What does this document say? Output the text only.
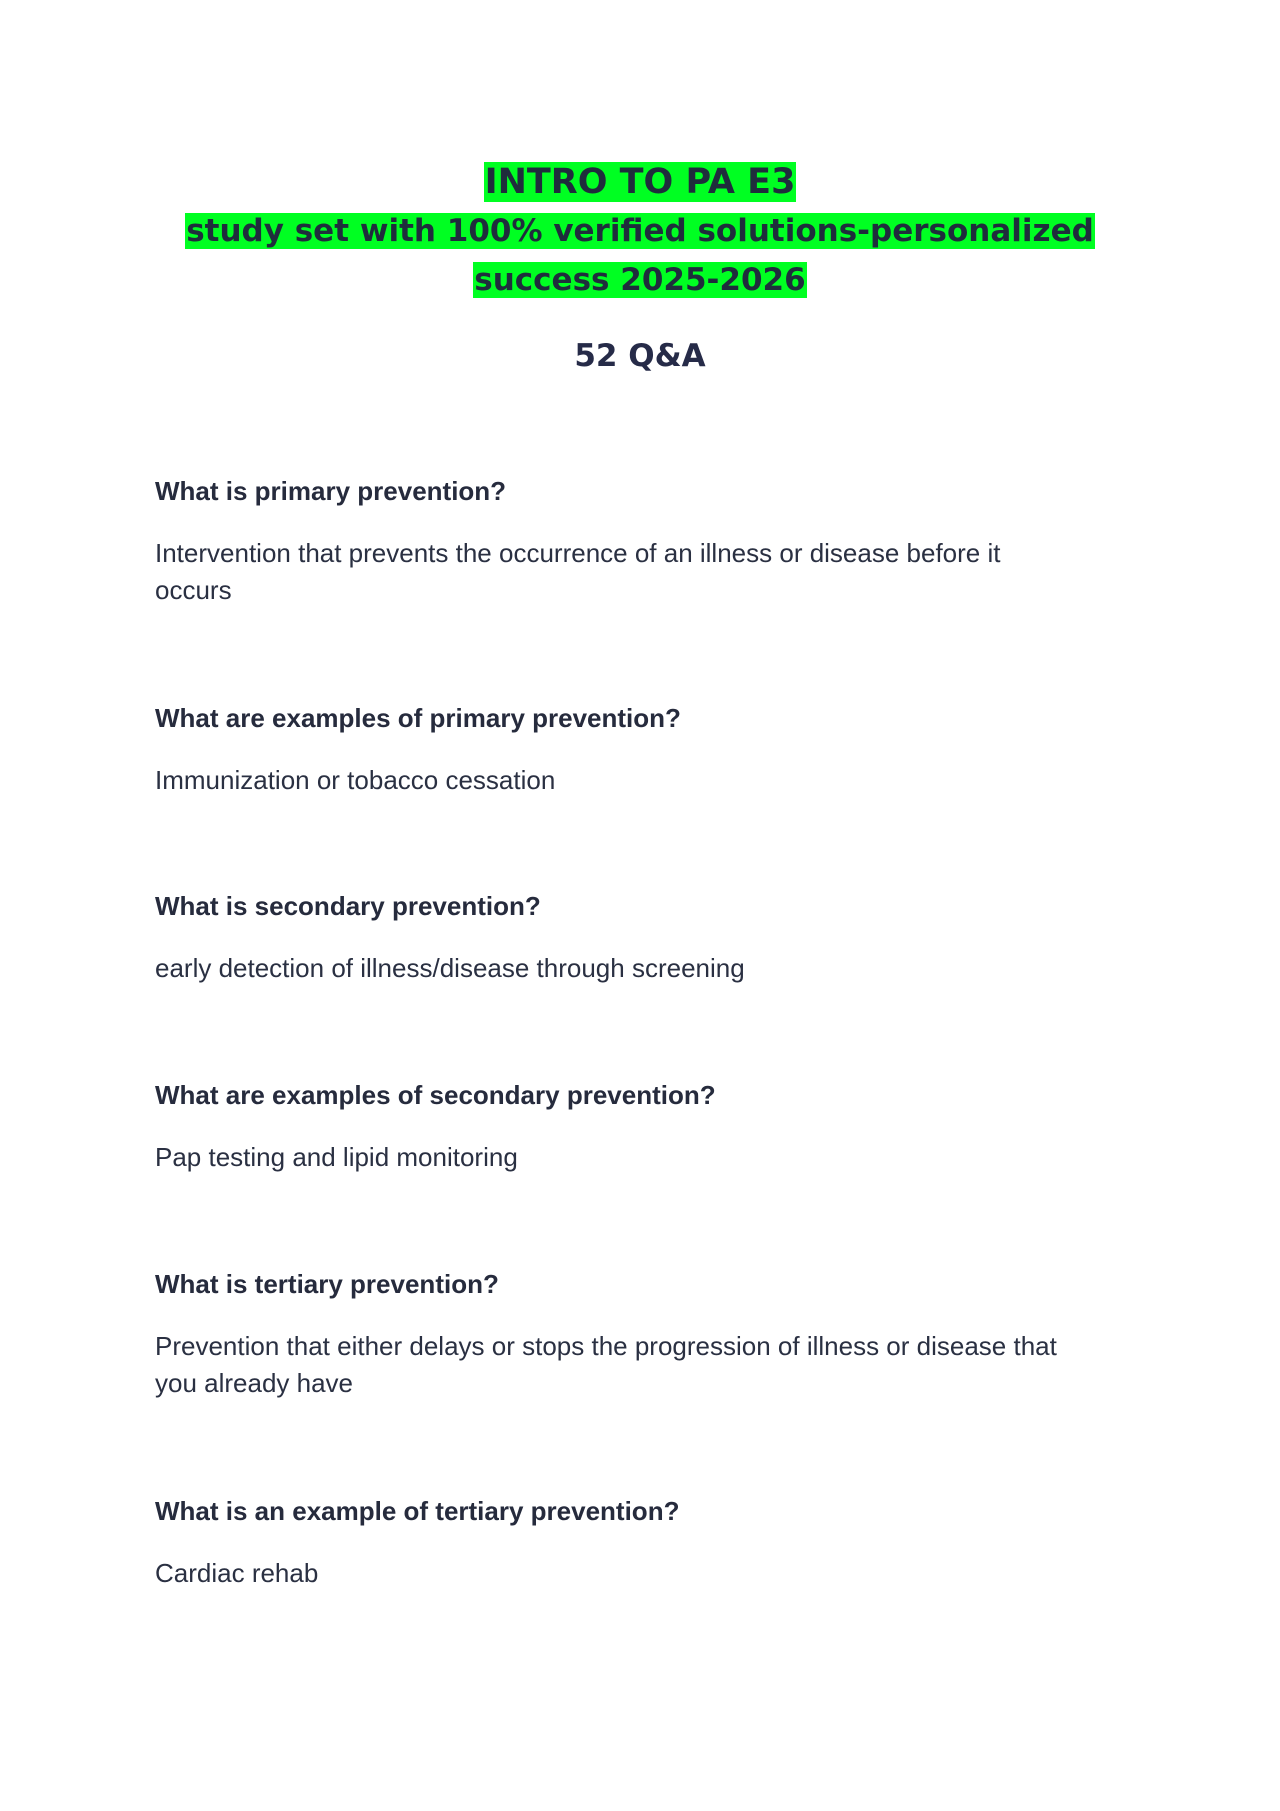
INTRO TO PA E3
study set with 100% verified solutions-personalized
success 2025-2026
52 Q&A

What is primary prevention?

Intervention that prevents the occurrence of an illness or disease before it
occurs

What are examples of primary prevention?

Immunization or tobacco cessation

What is secondary prevention?

early detection of illness/disease through screening

What are examples of secondary prevention?

Pap testing and lipid monitoring

What is tertiary prevention?

Prevention that either delays or stops the progression of illness or disease that
you already have

What is an example of tertiary prevention?

Cardiac rehab
